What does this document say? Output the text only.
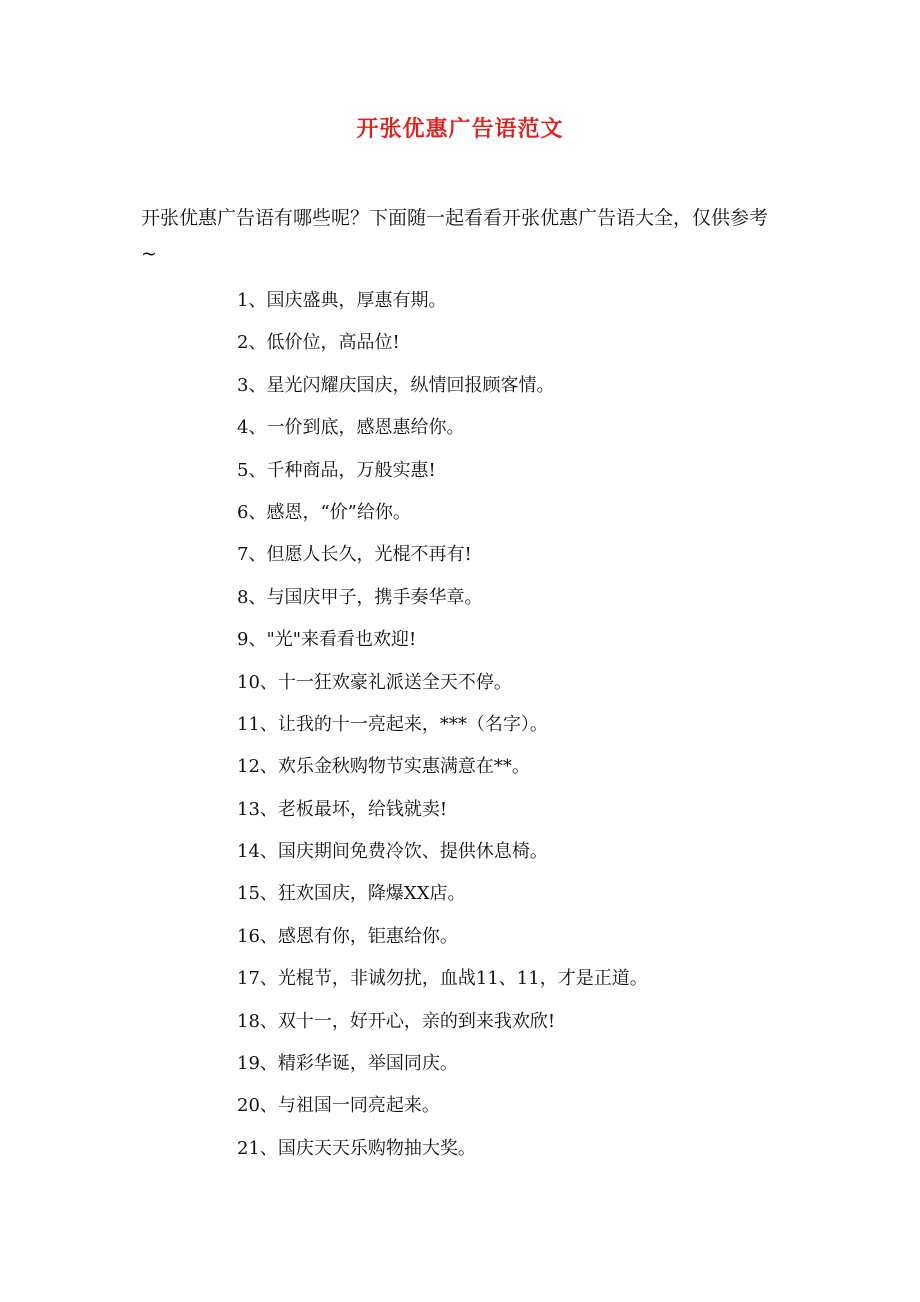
开张优惠广告语范文
开张优惠广告语有哪些呢？下面随一起看看开张优惠广告语大全，仅供参考~
1、国庆盛典，厚惠有期。
2、低价位，高品位!
3、星光闪耀庆国庆，纵情回报顾客情。
4、一价到底，感恩惠给你。
5、千种商品，万般实惠!
6、感恩，“价”给你。
7、但愿人长久，光棍不再有!
8、与国庆甲子，携手奏华章。
9、"光"来看看也欢迎!
10、十一狂欢豪礼派送全天不停。
11、让我的十一亮起来，***（名字）。
12、欢乐金秋购物节实惠满意在**。
13、老板最坏，给钱就卖!
14、国庆期间免费冷饮、提供休息椅。
15、狂欢国庆，降爆XX店。
16、感恩有你，钜惠给你。
17、光棍节，非诚勿扰，血战11、11，才是正道。
18、双十一，好开心，亲的到来我欢欣!
19、精彩华诞，举国同庆。
20、与祖国一同亮起来。
21、国庆天天乐购物抽大奖。
